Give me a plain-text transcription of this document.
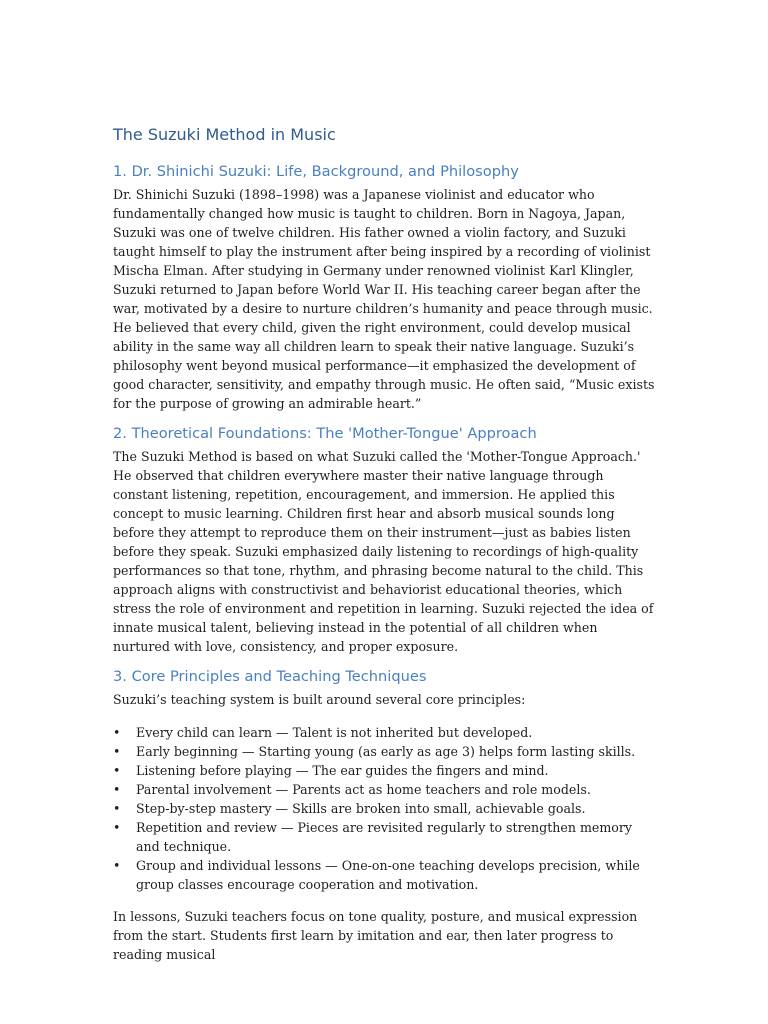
The Suzuki Method in Music
1. Dr. Shinichi Suzuki: Life, Background, and Philosophy

Dr. Shinichi Suzuki (1898–1998) was a Japanese violinist and educator who fundamentally changed how music is taught to children. Born in Nagoya, Japan, Suzuki was one of twelve children. His father owned a violin factory, and Suzuki taught himself to play the instrument after being inspired by a recording of violinist Mischa Elman. After studying in Germany under renowned violinist Karl Klingler, Suzuki returned to Japan before World War II. His teaching career began after the war, motivated by a desire to nurture children’s humanity and peace through music. He believed that every child, given the right environment, could develop musical ability in the same way all children learn to speak their native language. Suzuki’s philosophy went beyond musical performance—it emphasized the development of good character, sensitivity, and empathy through music. He often said, “Music exists for the purpose of growing an admirable heart.”

2. Theoretical Foundations: The 'Mother-Tongue' Approach

The Suzuki Method is based on what Suzuki called the 'Mother-Tongue Approach.' He observed that children everywhere master their native language through constant listening, repetition, encouragement, and immersion. He applied this concept to music learning. Children first hear and absorb musical sounds long before they attempt to reproduce them on their instrument—just as babies listen before they speak. Suzuki emphasized daily listening to recordings of high-quality performances so that tone, rhythm, and phrasing become natural to the child. This approach aligns with constructivist and behaviorist educational theories, which stress the role of environment and repetition in learning. Suzuki rejected the idea of innate musical talent, believing instead in the potential of all children when nurtured with love, consistency, and proper exposure.

3. Core Principles and Teaching Techniques

Suzuki’s teaching system is built around several core principles:

•	Every child can learn — Talent is not inherited but developed.
•	Early beginning — Starting young (as early as age 3) helps form lasting skills.
•	Listening before playing — The ear guides the fingers and mind.
•	Parental involvement — Parents act as home teachers and role models.
•	Step-by-step mastery — Skills are broken into small, achievable goals.
•	Repetition and review — Pieces are revisited regularly to strengthen memory and technique.
•	Group and individual lessons — One-on-one teaching develops precision, while group classes encourage cooperation and motivation.

In lessons, Suzuki teachers focus on tone quality, posture, and musical expression from the start. Students first learn by imitation and ear, then later progress to reading musical
